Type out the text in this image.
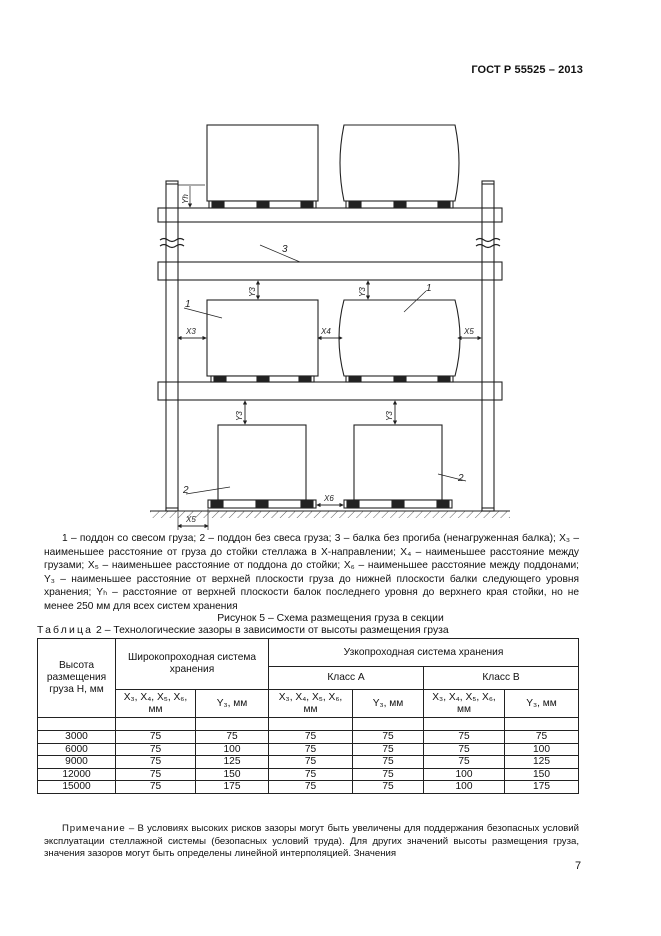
ГОСТ Р 55525 – 2013
3
1
1
2
2
Yh
Y3	Y3
X3	X4	X5
Y3	Y3
X6
X5

1 – поддон со свесом груза; 2 – поддон без свеса груза; 3 – балка без прогиба (ненагруженная балка); X₃ – наименьшее расстояние от груза до стойки стеллажа в X-направлении; X₄ – наименьшее расстояние между грузами; X₅ – наименьшее расстояние от поддона до стойки; X₆ – наименьшее расстояние между поддонами; Y₃ – наименьшее расстояние от верхней плоскости груза до нижней плоскости балки следующего уровня хранения; Yₕ – расстояние от верхней плоскости балок последнего уровня до верхнего края стойки, но не менее 250 мм для всех систем хранения

Рисунок 5 – Схема размещения груза в секции
Таблица 2 – Технологические зазоры в зависимости от высоты размещения груза
Высота размещения груза H, мм	Широкопроходная система хранения		Узкопроходная система хранения			
			Класс A		Класс B	
	X₃, X₄, X₅, X₆, мм	Y₃, мм	X₃, X₄, X₅, X₆, мм	Y₃, мм	X₃, X₄, X₅, X₆, мм	Y₃, мм

3000	75	75	75	75	75	75
6000	75	100	75	75	75	100
9000	75	125	75	75	75	125
12000	75	150	75	75	100	150
15000	75	175	75	75	100	175

Примечание – В условиях высоких рисков зазоры могут быть увеличены для поддержания безопасных условий эксплуатации стеллажной системы (безопасных условий труда). Для других значений высоты размещения груза, значения зазоров могут быть определены линейной интерполяцией. Значения

7
